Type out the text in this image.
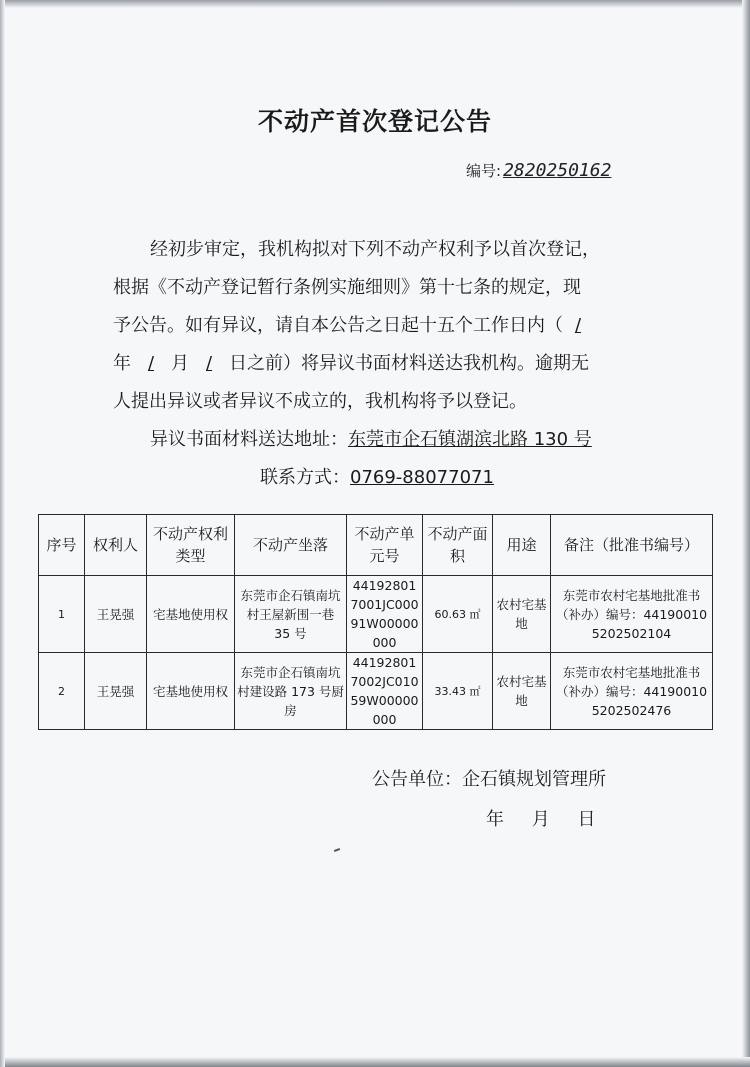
不动产首次登记公告
编号: 2820250162
经初步审定，我机构拟对下列不动产权利予以首次登记，
根据《不动产登记暂行条例实施细则》第十七条的规定，现
予公告。如有异议，请自本公告之日起十五个工作日内（ /
年 / 月 / 日之前）将异议书面材料送达我机构。逾期无
人提出异议或者异议不成立的，我机构将予以登记。
异议书面材料送达地址：东莞市企石镇湖滨北路 130 号
联系方式：0769-88077071
序号	权利人	不动产权利类型	不动产坐落	不动产单元号	不动产面积	用途	备注（批准书编号）
1	王晃强	宅基地使用权	东莞市企石镇南坑村王屋新围一巷 35 号	441928017001JC00091W00000000	60.63 ㎡	农村宅基地	东莞市农村宅基地批准书（补办）编号：441900105202502104
2	王晃强	宅基地使用权	东莞市企石镇南坑村建设路 173 号厨房	441928017002JC01059W00000000	33.43 ㎡	农村宅基地	东莞市农村宅基地批准书（补办）编号：441900105202502476
公告单位：企石镇规划管理所
年 月 日
